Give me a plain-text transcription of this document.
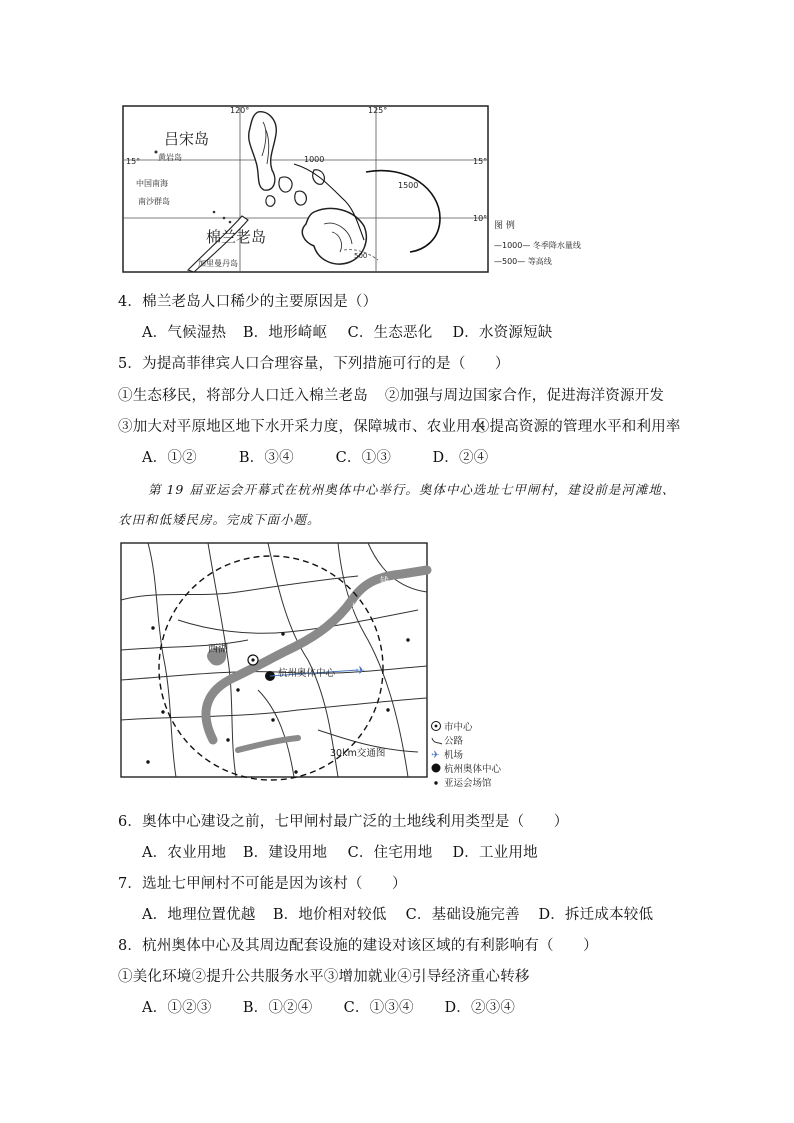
120°	125°
15°	15°
10°
吕宋岛
棉兰老岛
黄岩岛
中国南海
南沙群岛
加里曼丹岛
1000
1500
500
图 例
—1000— 冬季降水量线
—500— 等高线
4．棉兰老岛人口稀少的主要原因是（）
A．气候湿热 B．地形崎岖 C．生态恶化 D．水资源短缺
5．为提高菲律宾人口合理容量，下列措施可行的是（　　）
①生态移民，将部分人口迁入棉兰老岛 ②加强与周边国家合作，促进海洋资源开发
③加大对平原地区地下水开采力度，保障城市、农业用水 ④提高资源的管理水平和利用率
A．①②	B．③④	C．①③	D．②④
第 19 届亚运会开幕式在杭州奥体中心举行。奥体中心选址七甲闸村，建设前是河滩地、
农田和低矮民房。完成下面小题。
✈
西湖
杭州奥体中心
钱
塘
30km交通图
市中心
公路
✈ 机场
杭州奥体中心
亚运会场馆
6．奥体中心建设之前，七甲闸村最广泛的土地线利用类型是（　　）
A．农业用地 B．建设用地 C．住宅用地 D．工业用地
7．选址七甲闸村不可能是因为该村（　　）
A．地理位置优越 B．地价相对较低 C．基础设施完善 D．拆迁成本较低
8．杭州奥体中心及其周边配套设施的建设对该区域的有利影响有（　　）
①美化环境②提升公共服务水平③增加就业④引导经济重心转移
A．①②③ B．①②④ C．①③④ D．②③④
